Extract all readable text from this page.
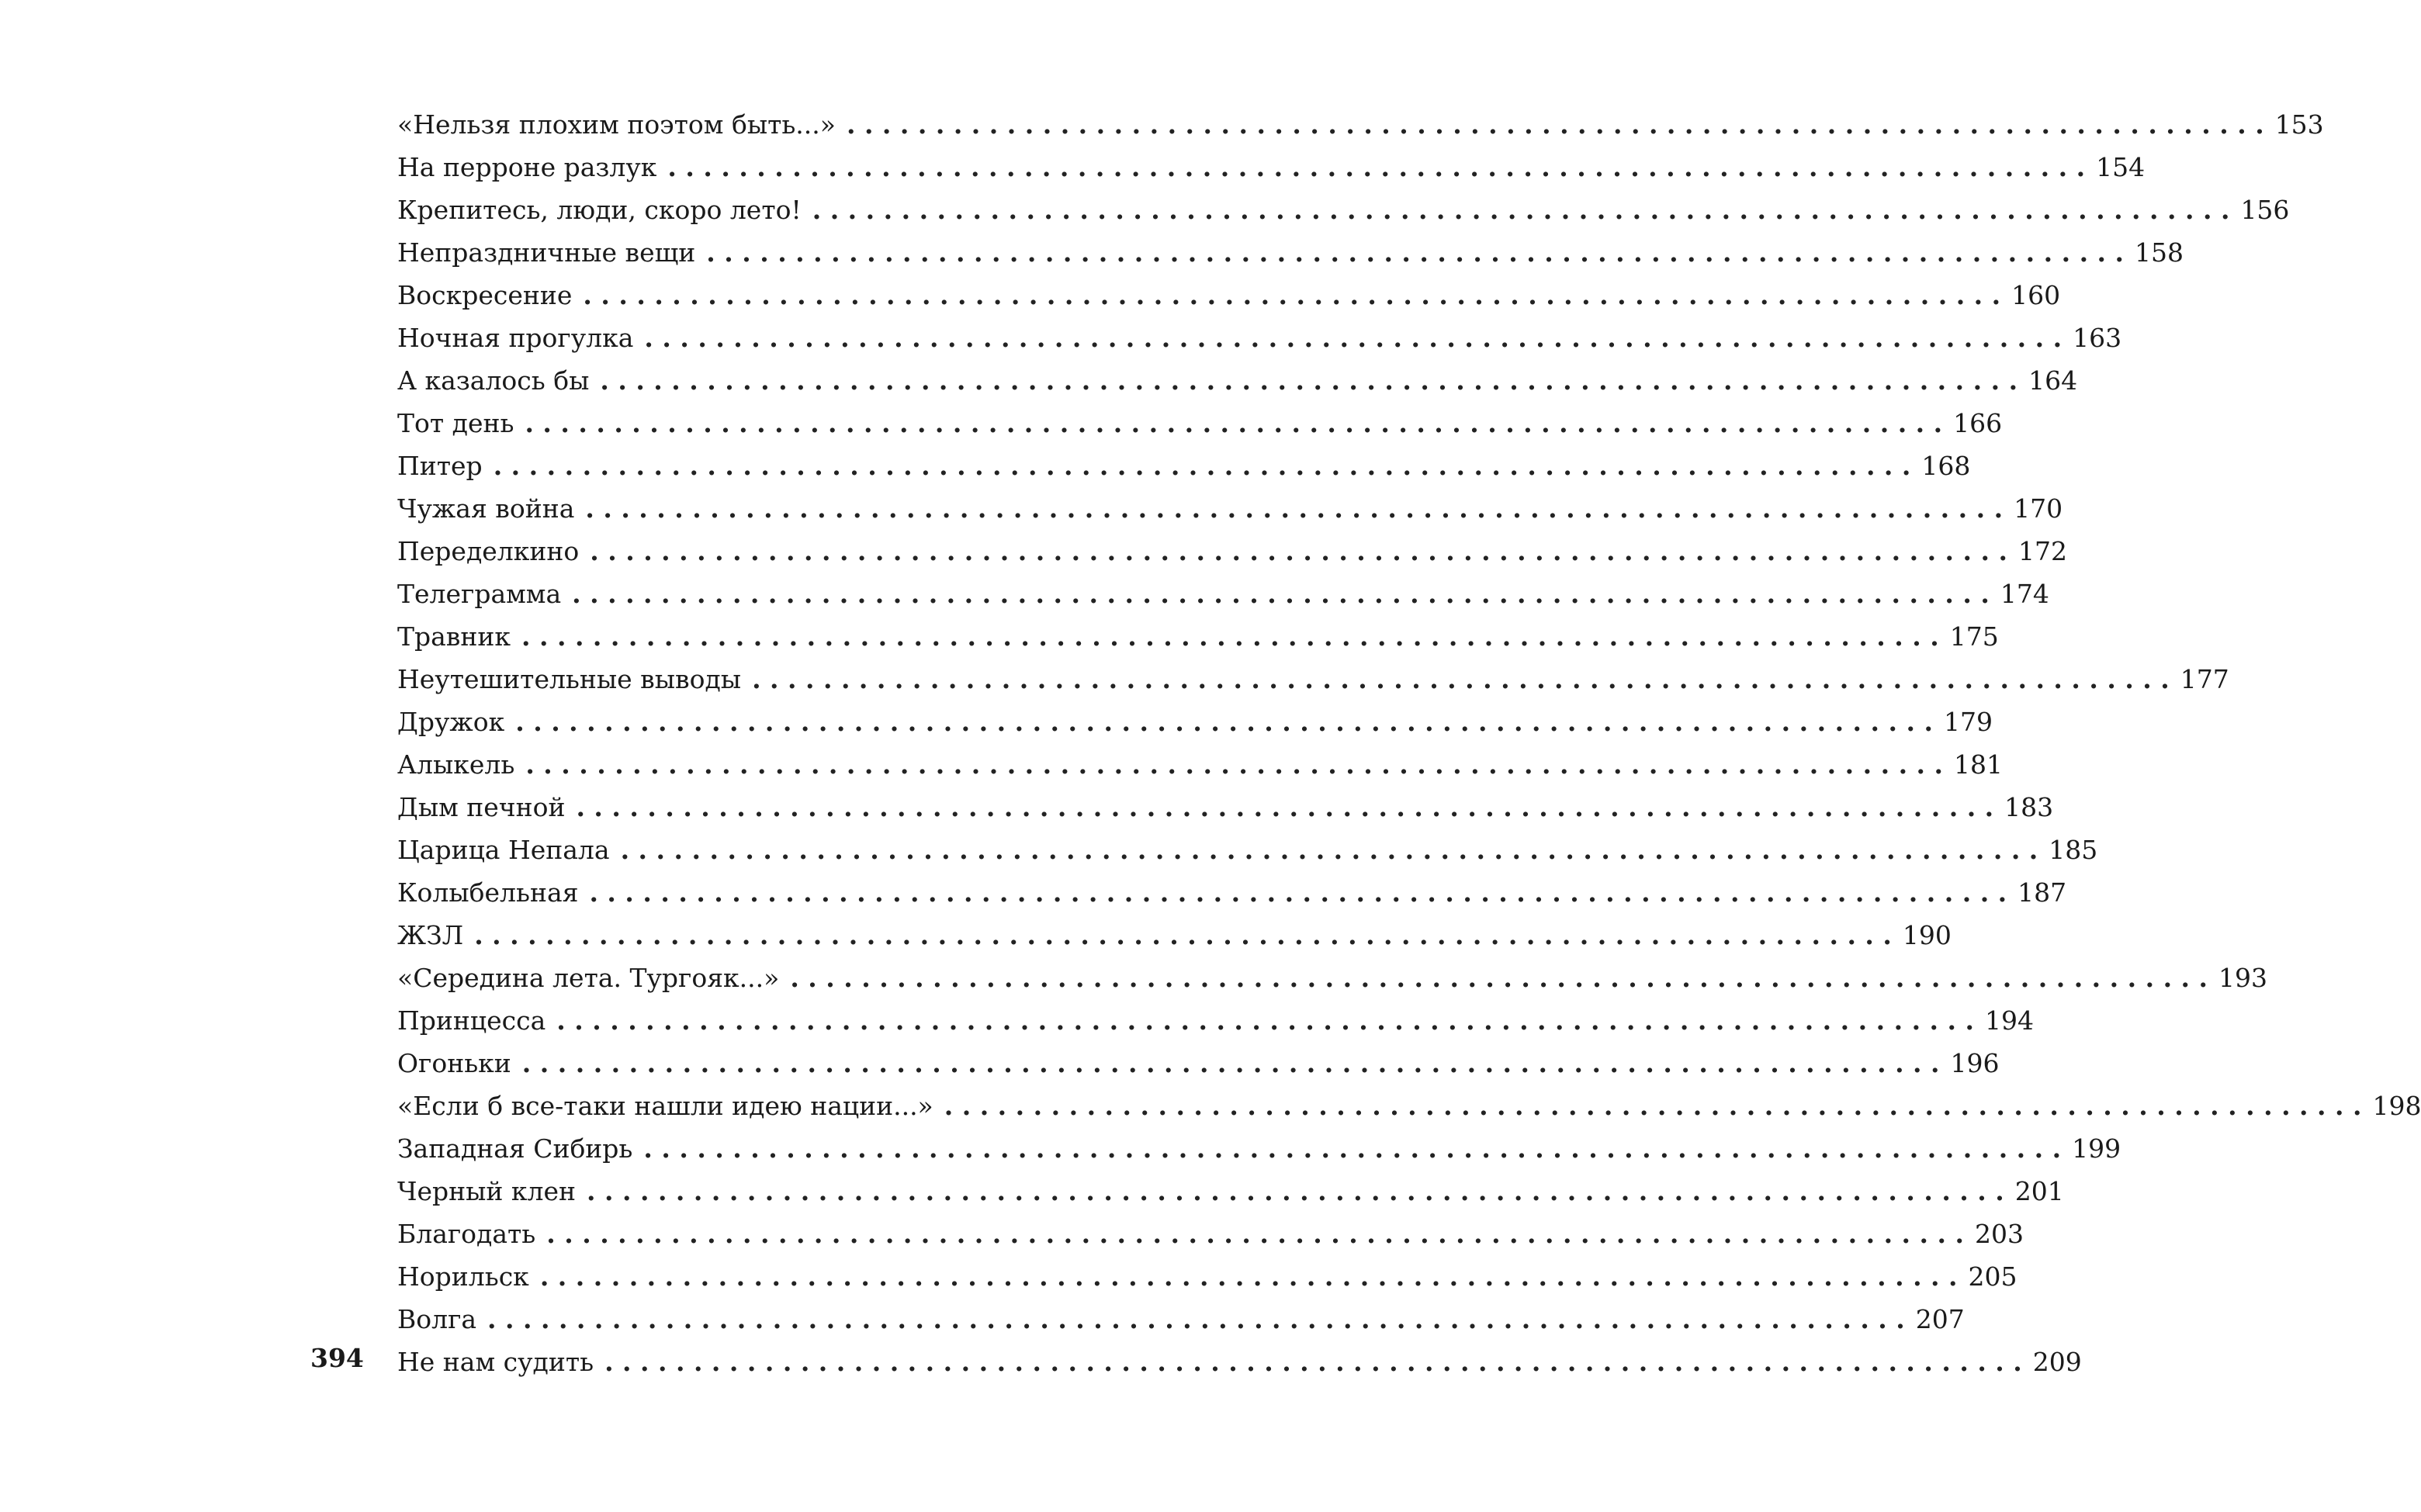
«Нельзя плохим поэтом быть...» . . . . . . . . . . . . . . . . . . . . . . . . . . . . . . . . . . . . . . . . . . . . . . . . . . . . . . . . . . . . . . . . . . . . . . . . . . . . . . . . 153
На перроне разлук . . . . . . . . . . . . . . . . . . . . . . . . . . . . . . . . . . . . . . . . . . . . . . . . . . . . . . . . . . . . . . . . . . . . . . . . . . . . . . . . 154
Крепитесь, люди, скоро лето! . . . . . . . . . . . . . . . . . . . . . . . . . . . . . . . . . . . . . . . . . . . . . . . . . . . . . . . . . . . . . . . . . . . . . . . . . . . . . . . . 156
Непраздничные вещи . . . . . . . . . . . . . . . . . . . . . . . . . . . . . . . . . . . . . . . . . . . . . . . . . . . . . . . . . . . . . . . . . . . . . . . . . . . . . . . . 158
Воскресение . . . . . . . . . . . . . . . . . . . . . . . . . . . . . . . . . . . . . . . . . . . . . . . . . . . . . . . . . . . . . . . . . . . . . . . . . . . . . . . . 160
Ночная прогулка . . . . . . . . . . . . . . . . . . . . . . . . . . . . . . . . . . . . . . . . . . . . . . . . . . . . . . . . . . . . . . . . . . . . . . . . . . . . . . . . 163
А казалось бы . . . . . . . . . . . . . . . . . . . . . . . . . . . . . . . . . . . . . . . . . . . . . . . . . . . . . . . . . . . . . . . . . . . . . . . . . . . . . . . . 164
Тот день . . . . . . . . . . . . . . . . . . . . . . . . . . . . . . . . . . . . . . . . . . . . . . . . . . . . . . . . . . . . . . . . . . . . . . . . . . . . . . . . 166
Питер . . . . . . . . . . . . . . . . . . . . . . . . . . . . . . . . . . . . . . . . . . . . . . . . . . . . . . . . . . . . . . . . . . . . . . . . . . . . . . . . 168
Чужая война . . . . . . . . . . . . . . . . . . . . . . . . . . . . . . . . . . . . . . . . . . . . . . . . . . . . . . . . . . . . . . . . . . . . . . . . . . . . . . . . 170
Переделкино . . . . . . . . . . . . . . . . . . . . . . . . . . . . . . . . . . . . . . . . . . . . . . . . . . . . . . . . . . . . . . . . . . . . . . . . . . . . . . . . 172
Телеграмма . . . . . . . . . . . . . . . . . . . . . . . . . . . . . . . . . . . . . . . . . . . . . . . . . . . . . . . . . . . . . . . . . . . . . . . . . . . . . . . . 174
Травник . . . . . . . . . . . . . . . . . . . . . . . . . . . . . . . . . . . . . . . . . . . . . . . . . . . . . . . . . . . . . . . . . . . . . . . . . . . . . . . . 175
Неутешительные выводы . . . . . . . . . . . . . . . . . . . . . . . . . . . . . . . . . . . . . . . . . . . . . . . . . . . . . . . . . . . . . . . . . . . . . . . . . . . . . . . . 177
Дружок . . . . . . . . . . . . . . . . . . . . . . . . . . . . . . . . . . . . . . . . . . . . . . . . . . . . . . . . . . . . . . . . . . . . . . . . . . . . . . . . 179
Алыкель . . . . . . . . . . . . . . . . . . . . . . . . . . . . . . . . . . . . . . . . . . . . . . . . . . . . . . . . . . . . . . . . . . . . . . . . . . . . . . . . 181
Дым печной . . . . . . . . . . . . . . . . . . . . . . . . . . . . . . . . . . . . . . . . . . . . . . . . . . . . . . . . . . . . . . . . . . . . . . . . . . . . . . . . 183
Царица Непала . . . . . . . . . . . . . . . . . . . . . . . . . . . . . . . . . . . . . . . . . . . . . . . . . . . . . . . . . . . . . . . . . . . . . . . . . . . . . . . . 185
Колыбельная . . . . . . . . . . . . . . . . . . . . . . . . . . . . . . . . . . . . . . . . . . . . . . . . . . . . . . . . . . . . . . . . . . . . . . . . . . . . . . . . 187
ЖЗЛ . . . . . . . . . . . . . . . . . . . . . . . . . . . . . . . . . . . . . . . . . . . . . . . . . . . . . . . . . . . . . . . . . . . . . . . . . . . . . . . . 190
«Середина лета. Тургояк...» . . . . . . . . . . . . . . . . . . . . . . . . . . . . . . . . . . . . . . . . . . . . . . . . . . . . . . . . . . . . . . . . . . . . . . . . . . . . . . . . 193
Принцесса . . . . . . . . . . . . . . . . . . . . . . . . . . . . . . . . . . . . . . . . . . . . . . . . . . . . . . . . . . . . . . . . . . . . . . . . . . . . . . . . 194
Огоньки . . . . . . . . . . . . . . . . . . . . . . . . . . . . . . . . . . . . . . . . . . . . . . . . . . . . . . . . . . . . . . . . . . . . . . . . . . . . . . . . 196
«Если б все-таки нашли идею нации...» . . . . . . . . . . . . . . . . . . . . . . . . . . . . . . . . . . . . . . . . . . . . . . . . . . . . . . . . . . . . . . . . . . . . . . . . . . . . . . . . 198
Западная Сибирь . . . . . . . . . . . . . . . . . . . . . . . . . . . . . . . . . . . . . . . . . . . . . . . . . . . . . . . . . . . . . . . . . . . . . . . . . . . . . . . . 199
Черный клен . . . . . . . . . . . . . . . . . . . . . . . . . . . . . . . . . . . . . . . . . . . . . . . . . . . . . . . . . . . . . . . . . . . . . . . . . . . . . . . . 201
Благодать . . . . . . . . . . . . . . . . . . . . . . . . . . . . . . . . . . . . . . . . . . . . . . . . . . . . . . . . . . . . . . . . . . . . . . . . . . . . . . . . 203
Норильск . . . . . . . . . . . . . . . . . . . . . . . . . . . . . . . . . . . . . . . . . . . . . . . . . . . . . . . . . . . . . . . . . . . . . . . . . . . . . . . . 205
Волга . . . . . . . . . . . . . . . . . . . . . . . . . . . . . . . . . . . . . . . . . . . . . . . . . . . . . . . . . . . . . . . . . . . . . . . . . . . . . . . . 207
Не нам судить . . . . . . . . . . . . . . . . . . . . . . . . . . . . . . . . . . . . . . . . . . . . . . . . . . . . . . . . . . . . . . . . . . . . . . . . . . . . . . . . 209
394
